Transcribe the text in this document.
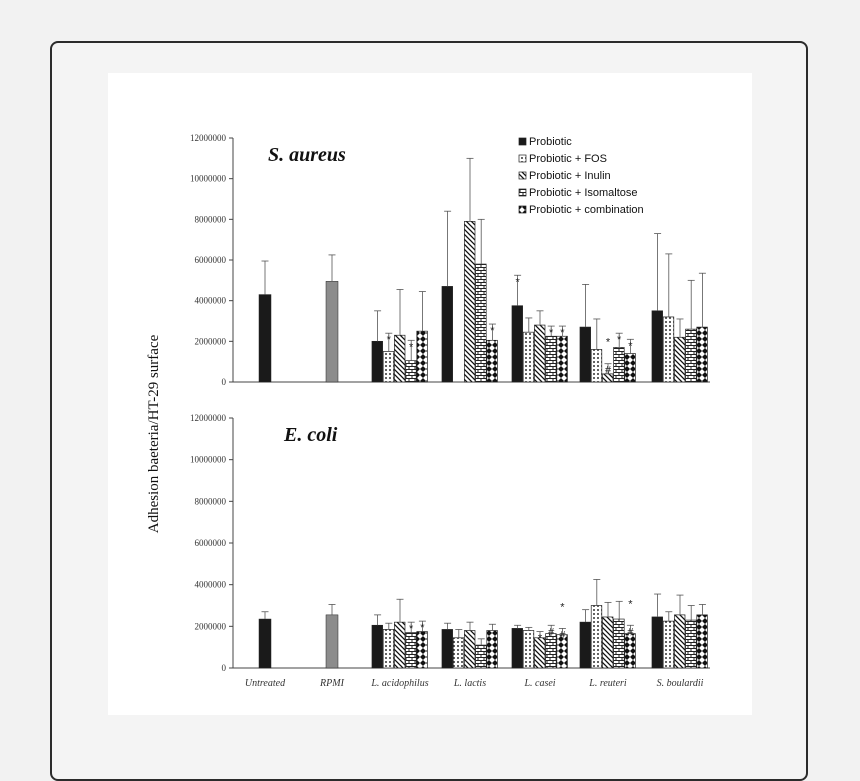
0
2000000
4000000
6000000
8000000
10000000
12000000
S. aureus
*
*
*
*
* *
#
* *
*
Probiotic
Probiotic + FOS
Probiotic + Inulin
Probiotic + Isomaltose
Probiotic + combination
0
2000000
4000000
6000000
8000000
10000000
12000000
E. coli
* *
*
# #
*
#
*
Untreated	RPMI	L. acidophilus	L. lactis	L. casei	L. reuteri	S. boulardii
Adhesion baeteria/HT-29 surface
